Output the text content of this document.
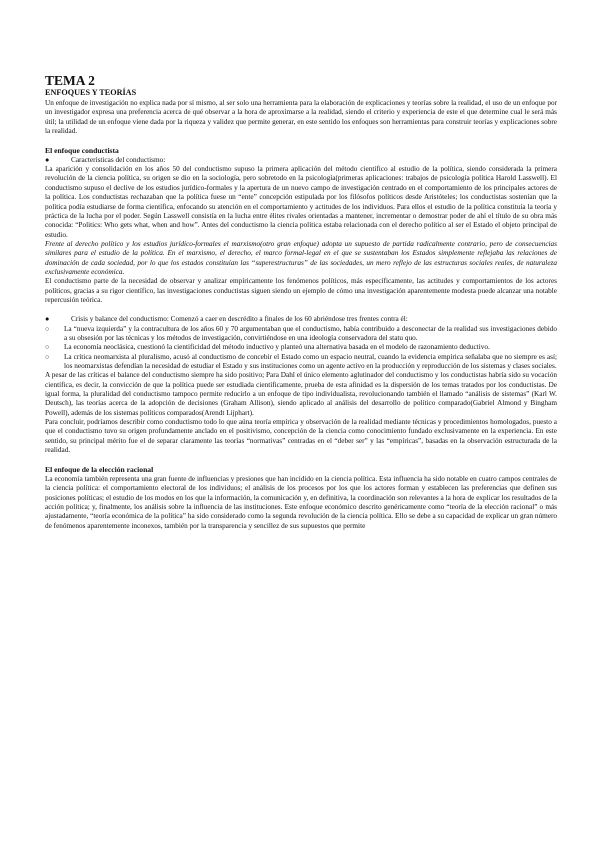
TEMA 2
ENFOQUES Y TEORÍAS

Un enfoque de investigación no explica nada por sí mismo, al ser solo una herramienta para la elaboración de explicaciones y teorías sobre la realidad, el uso de un enfoque por un investigador expresa una preferencia acerca de qué observar a la hora de aproximarse a la realidad, siendo el criterio y experiencia de este el que determine cual le será más útil; la utilidad de un enfoque viene dada por la riqueza y validez que permite generar, en este sentido los enfoques son herramientas para construir teorías y explicaciones sobre la realidad.

El enfoque conductista
●	Características del conductismo:

La aparición y consolidación en los años 50 del conductismo supuso la primera aplicación del método científico al estudio de la política, siendo considerada la primera revolución de la ciencia política, su origen se dio en la sociología, pero sobretodo en la psicología(primeras aplicaciones: trabajos de psicología política Harold Lasswell). El conductismo supuso el declive de los estudios jurídico-formales y la apertura de un nuevo campo de investigación centrado en el comportamiento de los principales actores de la política. Los conductistas rechazaban que la política fuese un “ente” concepción estipulada por los filósofos políticos desde Aristóteles; los conductistas sostenían que la política podía estudiarse de forma científica, enfocando su atención en el comportamiento y actitudes de los individuos. Para ellos el estudio de la política constituía la teoría y práctica de la lucha por el poder. Según Lasswell consistía en la lucha entre élites rivales orientadas a mantener, incrementar o demostrar poder de ahí el título de su obra más conocida: “Politics: Who gets what, when and how”. Antes del conductismo la ciencia política estaba relacionada con el derecho político al ser el Estado el objeto principal de estudio.

Frente al derecho político y los estudios jurídico-formales el marxismo(otro gran enfoque) adopta un supuesto de partida radicalmente contrario, pero de consecuencias similares para el estudio de la política. En el marxismo, el derecho, el marco formal-legal en el que se sustentaban los Estados simplemente reflejaba las relaciones de dominación de cada sociedad, por lo que los estados constituían las “superestructuras” de las sociedades, un mero reflejo de las estructuras sociales reales, de naturaleza exclusivamente económica.

El conductismo parte de la necesidad de observar y analizar empíricamente los fenómenos políticos, más específicamente, las actitudes y comportamientos de los actores políticos, gracias a su rigor científico, las investigaciones conductistas siguen siendo un ejemplo de cómo una investigación aparentemente modesta puede alcanzar una notable repercusión teórica.

●	Crisis y balance del conductismo: Comenzó a caer en descrédito a finales de los 60 abriéndose tres frentes contra él:

○	La “nueva izquierda” y la contracultura de los años 60 y 70 argumentaban que el conductismo, había contribuido a desconectar de la realidad sus investigaciones debido a su obsesión por las técnicas y los métodos de investigación, convirtiéndose en una ideología conservadora del statu quo.

○	La economía neoclásica, cuestionó la cientificidad del método inductivo y planteó una alternativa basada en el modelo de razonamiento deductivo.

○	La crítica neomarxista al pluralismo, acusó al conductismo de concebir el Estado como un espacio neutral, cuando la evidencia empírica señalaba que no siempre es así; los neomarxistas defendían la necesidad de estudiar el Estado y sus instituciones como un agente activo en la producción y reproducción de los sistemas y clases sociales.

A pesar de las críticas el balance del conductismo siempre ha sido positivo; Para Dahl el único elemento aglutinador del conductismo y los conductistas habría sido su vocación científica, es decir, la convicción de que la política puede ser estudiada científicamente, prueba de esta afinidad es la dispersión de los temas tratados por los conductistas. De igual forma, la pluralidad del conductismo tampoco permite reducirlo a un enfoque de tipo individualista, revolucionando también el llamado “análisis de sistemas” (Karl W. Deutsch), las teorías acerca de la adopción de decisiones (Graham Allison), siendo aplicado al análisis del desarrollo de político comparado(Gabriel Almond y Bingham Powell), además de los sistemas políticos comparados(Arendt Lijphart).

Para concluir, podríamos describir como conductismo todo lo que aúna teoría empírica y observación de la realidad mediante técnicas y procedimientos homologados, puesto a que el conductismo tuvo su origen profundamente anclado en el positivismo, concepción de la ciencia como conocimiento fundado exclusivamente en la experiencia. En este sentido, su principal mérito fue el de separar claramente las teorías “normativas” centradas en el “deber ser” y las “empíricas”, basadas en la observación estructurada de la realidad.

El enfoque de la elección racional

La economía también representa una gran fuente de influencias y presiones que han incidido en la ciencia política. Esta influencia ha sido notable en cuatro campos centrales de la ciencia política: el comportamiento electoral de los individuos; el análisis de los procesos por los que los actores forman y establecen las preferencias que definen sus posiciones políticas; el estudio de los modos en los que la información, la comunicación y, en definitiva, la coordinación son relevantes a la hora de explicar los resultados de la acción política; y, finalmente, los análisis sobre la influencia de las instituciones. Este enfoque económico descrito genéricamente como “teoría de la elección racional” o más ajustadamente, “teoría económica de la política” ha sido considerado como la segunda revolución de la ciencia política. Ello se debe a su capacidad de explicar un gran número de fenómenos aparentemente inconexos, también por la transparencia y sencillez de sus supuestos que permite
